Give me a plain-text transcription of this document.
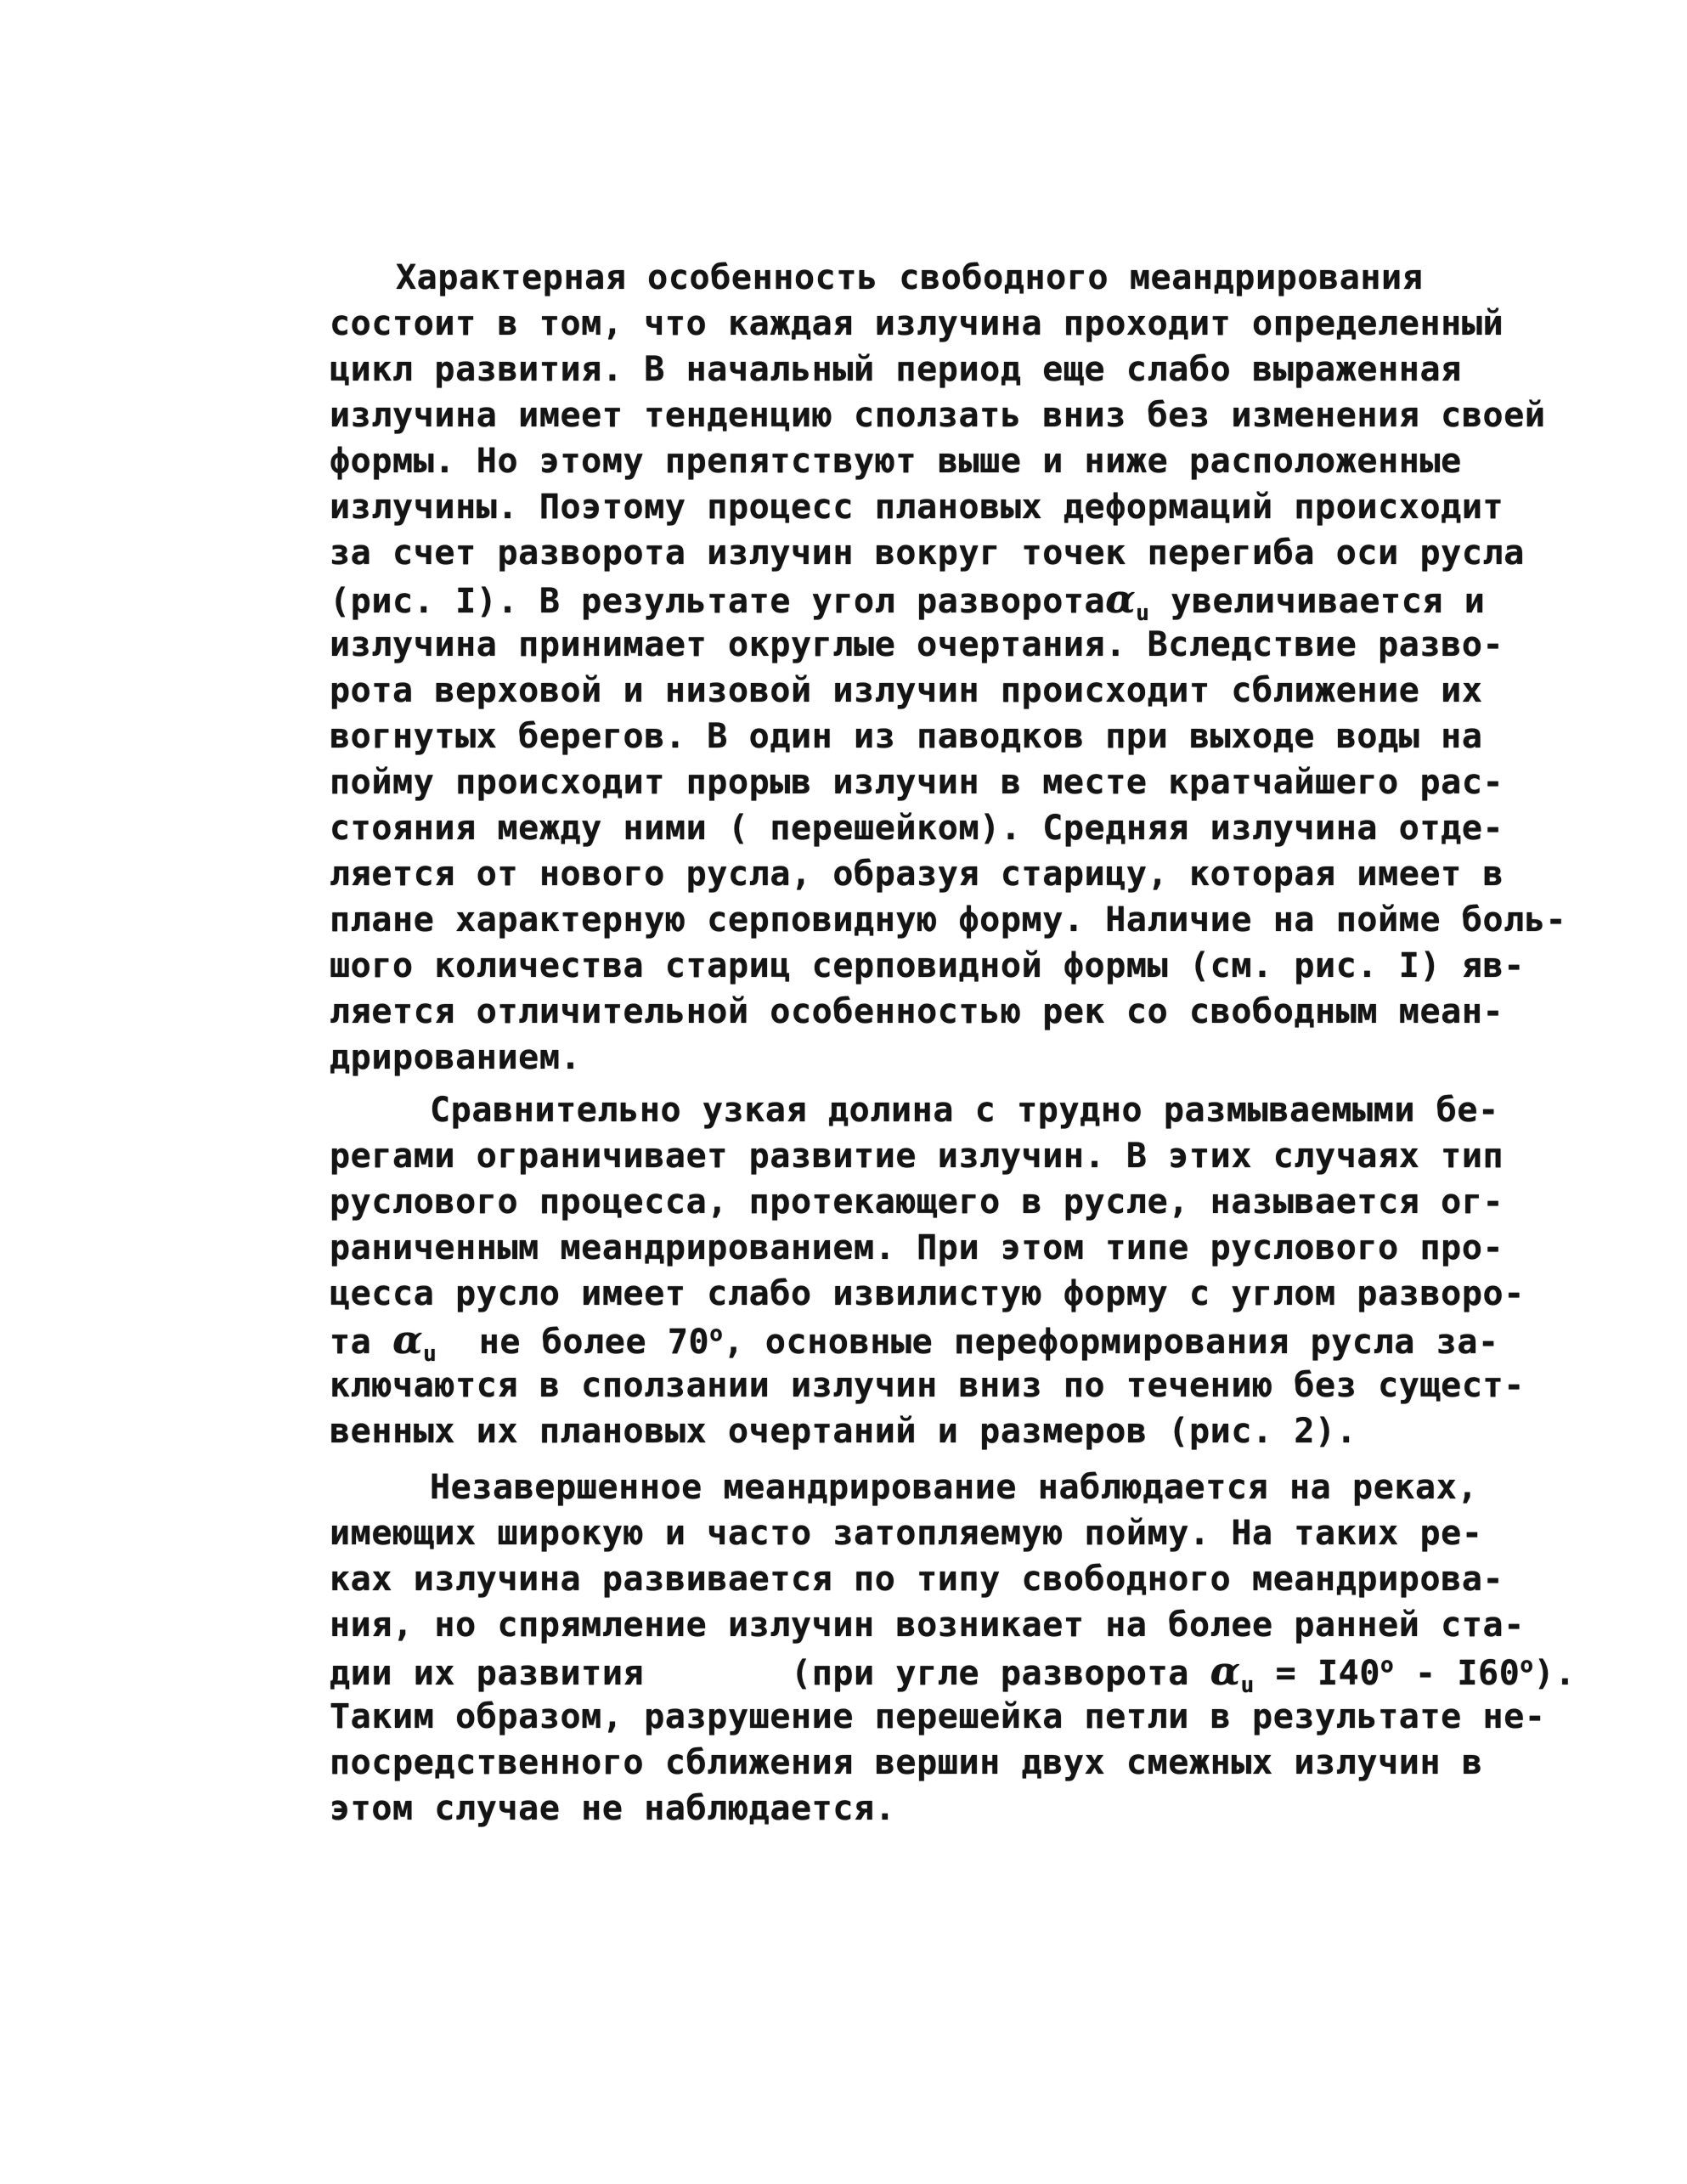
Характерная особенность свободного меандрирования
состоит в том, что каждая излучина проходит определенный
цикл развития. В начальный период еще слабо выраженная
излучина имеет тенденцию сползать вниз без изменения своей
формы. Но этому препятствуют выше и ниже расположенные
излучины. Поэтому процесс плановых деформаций происходит
за счет разворота излучин вокруг точек перегиба оси русла
(рис. I). В результате угол разворотаα$_u$ увеличивается и
излучина принимает округлые очертания. Вследствие разво-
рота верховой и низовой излучин происходит сближение их
вогнутых берегов. В один из паводков при выходе воды на
пойму происходит прорыв излучин в месте кратчайшего рас-
стояния между ними ( перешейком). Средняя излучина отде-
ляется от нового русла, образуя старицу, которая имеет в
плане характерную серповидную форму. Наличие на пойме боль-
шого количества стариц серповидной формы (см. рис. I) яв-
ляется отличительной особенностью рек со свободным меан-
дрированием.
Сравнительно узкая долина с трудно размываемыми бе-
регами ограничивает развитие излучин. В этих случаях тип
руслового процесса, протекающего в русле, называется ог-
раниченным меандрированием. При этом типе руслового про-
цесса русло имеет слабо извилистую форму с углом разворо-
та $\alpha_u$  не более 70$^o$, основные переформирования русла за-
ключаются в сползании излучин вниз по течению без сущест-
венных их плановых очертаний и размеров (рис. 2).
Незавершенное меандрирование наблюдается на реках,
имеющих широкую и часто затопляемую пойму. На таких ре-
ках излучина развивается по типу свободного меандрирова-
ния, но спрямление излучин возникает на более ранней ста-
дии их развития       (при угле разворота $\alpha_u = I40^o - I60^o$).
Таким образом, разрушение перешейка петли в результате не-
посредственного сближения вершин двух смежных излучин в
этом случае не наблюдается.
